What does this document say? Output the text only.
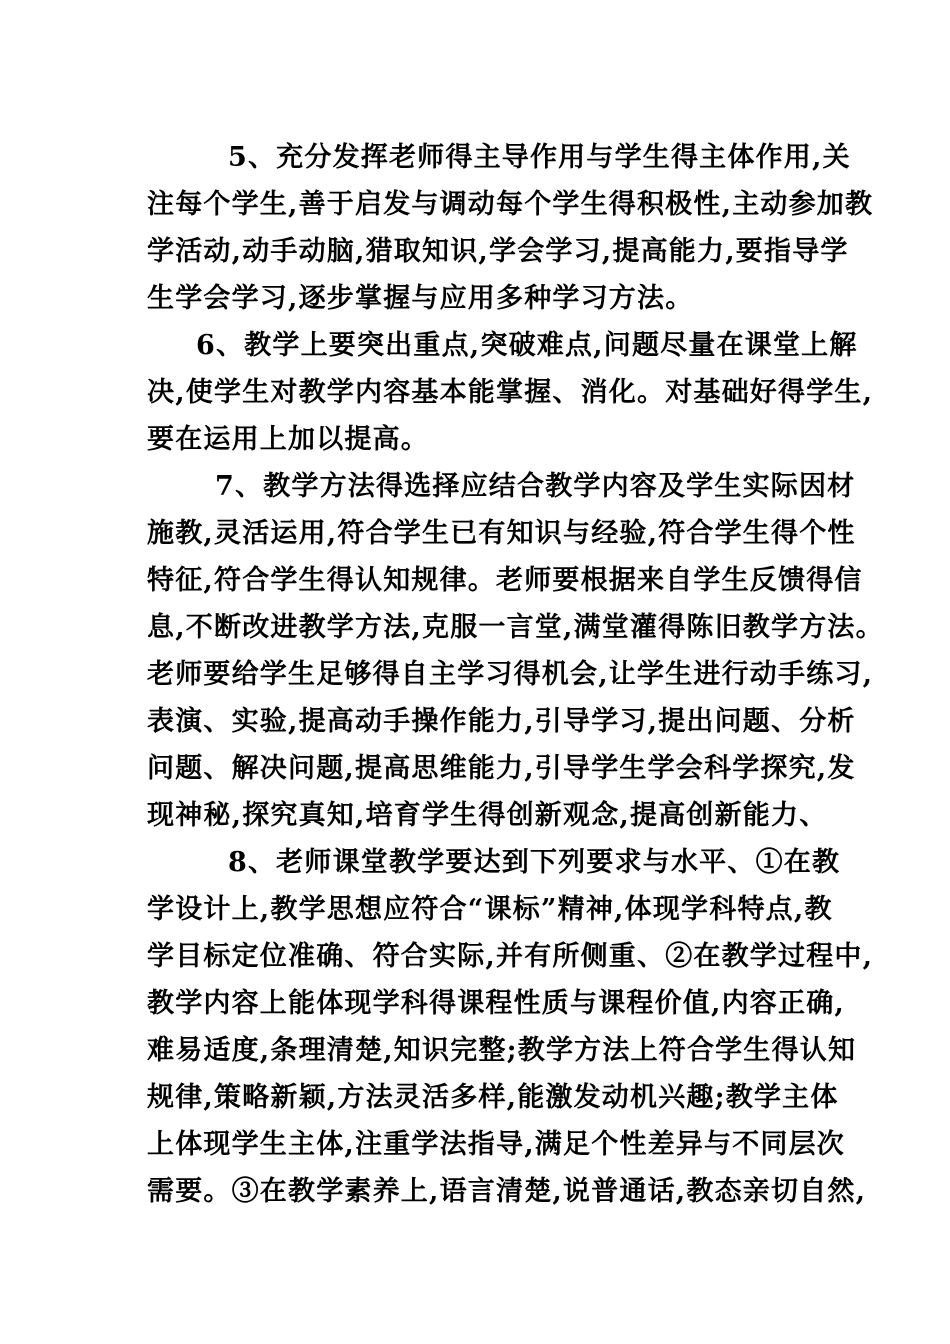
5、充分发挥老师得主导作用与学生得主体作用,关
注每个学生,善于启发与调动每个学生得积极性,主动参加教
学活动,动手动脑,猎取知识,学会学习,提高能力,要指导学
生学会学习,逐步掌握与应用多种学习方法。
6、教学上要突出重点,突破难点,问题尽量在课堂上解
决,使学生对教学内容基本能掌握、消化。对基础好得学生,
要在运用上加以提高。
7、教学方法得选择应结合教学内容及学生实际因材
施教,灵活运用,符合学生已有知识与经验,符合学生得个性
特征,符合学生得认知规律。老师要根据来自学生反馈得信
息,不断改进教学方法,克服一言堂,满堂灌得陈旧教学方法。
老师要给学生足够得自主学习得机会,让学生进行动手练习,
表演、实验,提高动手操作能力,引导学习,提出问题、分析
问题、解决问题,提高思维能力,引导学生学会科学探究,发
现神秘,探究真知,培育学生得创新观念,提高创新能力、
8、老师课堂教学要达到下列要求与水平、①在教
学设计上,教学思想应符合“课标”精神,体现学科特点,教
学目标定位准确、符合实际,并有所侧重、②在教学过程中,
教学内容上能体现学科得课程性质与课程价值,内容正确,
难易适度,条理清楚,知识完整;教学方法上符合学生得认知
规律,策略新颖,方法灵活多样,能激发动机兴趣;教学主体
上体现学生主体,注重学法指导,满足个性差异与不同层次
需要。③在教学素养上,语言清楚,说普通话,教态亲切自然,
